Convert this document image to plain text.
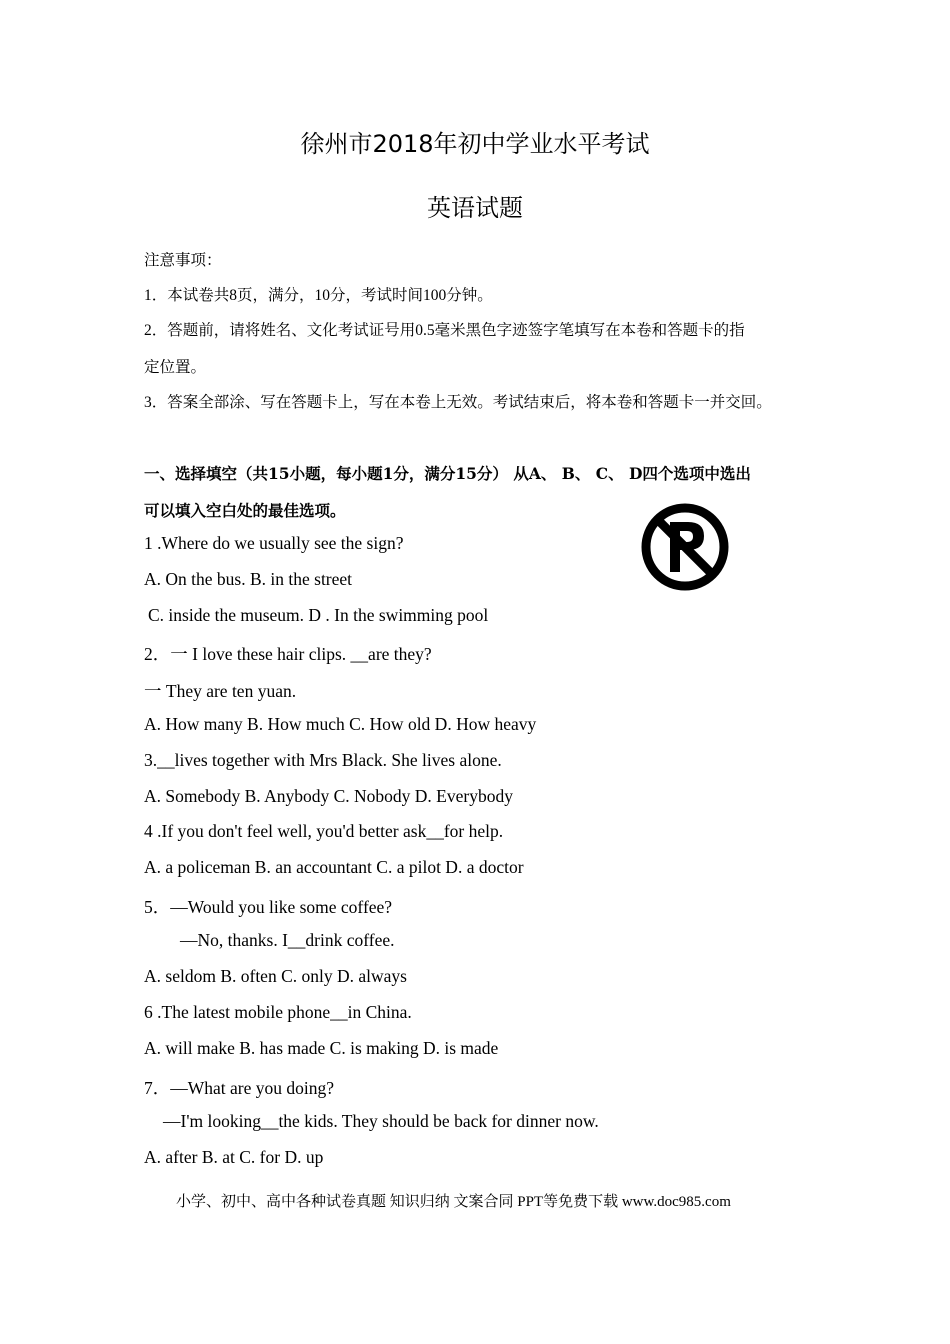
徐州市2018年初中学业水平考试
英语试题
注意事项：
1．本试卷共8页，满分，10分，考试时间100分钟。
2．答题前，请将姓名、文化考试证号用0.5毫米黑色字迹签字笔填写在本卷和答题卡的指
定位置。
3．答案全部涂、写在答题卡上，写在本卷上无效。考试结束后，将本卷和答题卡一并交回。
一、选择填空（共15小题，每小题1分，满分15分） 从A、 B、 C、 D四个选项中选出
可以填入空白处的最佳选项。
1 .Where do we usually see the sign?
A. On the bus. B. in the street
C. inside the museum. D . In the swimming pool
2．一 I love these hair clips. __are they?
一 They are ten yuan.
A. How many B. How much C. How old D. How heavy
3.__lives together with Mrs Black. She lives alone.
A. Somebody B. Anybody C. Nobody D. Everybody
4 .If you don't feel well, you'd better ask__for help.
A. a policeman B. an accountant C. a pilot D. a doctor
5．—Would you like some coffee?
—No, thanks. I__drink coffee.
A. seldom B. often C. only D. always
6 .The latest mobile phone__in China.
A. will make B. has made C. is making D. is made
7．—What are you doing?
—I'm looking__the kids. They should be back for dinner now.
A. after B. at C. for D. up
小学、初中、高中各种试卷真题 知识归纳 文案合同 PPT等免费下载 www.doc985.com
